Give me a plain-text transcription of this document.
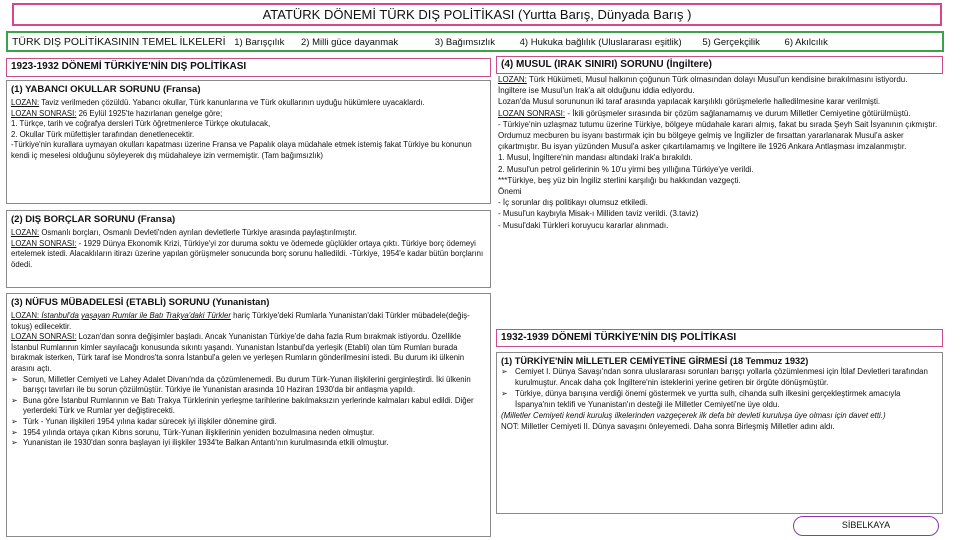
ATATÜRK DÖNEMİ TÜRK DIŞ POLİTİKASI (Yurtta Barış, Dünyada Barış )
TÜRK DIŞ POLİTİKASININ TEMEL İLKELERİ 1) Barışçılık 2) Milli güce dayanmak	3) Bağımsızlık	4) Hukuka bağlılık (Uluslararası eşitlik) 5) Gerçekçilik	6) Akılcılık
1923-1932 DÖNEMİ TÜRKİYE'NİN DIŞ POLİTİKASI
(1) YABANCI OKULLAR SORUNU (Fransa)
LOZAN: Taviz verilmeden çözüldü. Yabancı okullar, Türk kanunlarına ve Türk okullarının uyduğu hükümlere uyacaklardı.
LOZAN SONRASI: 26 Eylül 1925'te hazırlanan genelge göre;
1. Türkçe, tarih ve coğrafya dersleri Türk öğretmenlerce Türkçe okutulacak,
2. Okullar Türk müfettişler tarafından denetlenecektir.
-Türkiye'nin kurallara uymayan okulları kapatması üzerine Fransa ve Papalık olaya müdahale etmek istemiş fakat Türkiye bu konunun kendi iç meselesi olduğunu söyleyerek dış müdahaleye izin vermemiştir. (Tam bağımsızlık)
(2) DIŞ BORÇLAR SORUNU (Fransa)
LOZAN: Osmanlı borçları, Osmanlı Devleti'nden ayrılan devletlerle Türkiye arasında paylaştırılmıştır.
LOZAN SONRASI: - 1929 Dünya Ekonomik Krizi, Türkiye'yi zor duruma soktu ve ödemede güçlükler ortaya çıktı. Türkiye borç ödemeyi ertelemek istedi. Alacaklıların itirazı üzerine yapılan görüşmeler sonucunda borç sorunu halledildi. -Türkiye, 1954'e kadar bütün borçlarını ödedi.
(3) NÜFUS MÜBADELESİ (ETABLİ) SORUNU (Yunanistan)
LOZAN: İstanbul'da yaşayan Rumlar ile Batı Trakya'daki Türkler hariç Türkiye'deki Rumlarla Yunanistan'daki Türkler mübadele(değiş-tokuş) edilecektir.
LOZAN SONRASI: Lozan'dan sonra değişimler başladı. Ancak Yunanistan Türkiye'de daha fazla Rum bırakmak istiyordu. Özellikle İstanbul Rumlarının kimler sayılacağı konusunda sıkıntı yaşandı. Yunanistan İstanbul'da yerleşik (Etabli) olan tüm Rumları burada bırakmak isterken, Türk taraf ise Mondros'ta sonra İstanbul'a gelen ve yerleşen Rumların gönderilmesini istedi. Bu durum iki ülkenin arasını açtı.
➢ Sorun, Milletler Cemiyeti ve Lahey Adalet Divanı'nda da çözümlenemedi. Bu durum Türk-Yunan ilişkilerini gerginleştirdi. İki ülkenin barışçı tavırları ile bu sorun çözülmüştür. Türkiye ile Yunanistan arasında 10 Haziran 1930'da bir antlaşma yapıldı.
➢ Buna göre İstanbul Rumlarının ve Batı Trakya Türklerinin yerleşme tarihlerine bakılmaksızın yerlerinde kalmaları kabul edildi. Diğer yerlerdeki Türk ve Rumlar yer değiştirecekti.
➢ Türk - Yunan ilişkileri 1954 yılına kadar sürecek iyi ilişkiler dönemine girdi.
➢ 1954 yılında ortaya çıkan Kıbrıs sorunu, Türk-Yunan ilişkilerinin yeniden bozulmasına neden olmuştur.
➢ Yunanistan ile 1930'dan sonra başlayan iyi ilişkiler 1934'te Balkan Antantı'nın kurulmasında etkili olmuştur.
(4) MUSUL (IRAK SINIRI) SORUNU (İngiltere)
LOZAN: Türk Hükümeti, Musul halkının çoğunun Türk olmasından dolayı Musul'un kendisine bırakılmasını istiyordu.
İngiltere ise Musul'un Irak'a ait olduğunu iddia ediyordu.
Lozan'da Musul sorununun iki taraf arasında yapılacak karşılıklı görüşmelerle halledilmesine karar verilmişti.
LOZAN SONRASI: - İkili görüşmeler sırasında bir çözüm sağlanamamış ve durum Milletler Cemiyetine götürülmüştü.
- Türkiye'nin uzlaşmaz tutumu üzerine Türkiye, bölgeye müdahale kararı almış, fakat bu sırada Şeyh Sait İsyanının çıkmıştır. Ordumuz mecburen bu isyanı bastırmak için bu bölgeye gelmiş ve İngilizler de fırsattan yararlanarak Musul'a asker çıkartmıştır. Bu isyan yüzünden Musul'a asker çıkartılamamış ve İngiltere ile 1926 Ankara Antlaşması imzalanmıştır.
1. Musul, İngiltere'nin mandası altındaki Irak'a bırakıldı.
2. Musul'un petrol gelirlerinin % 10'u yirmi beş yıllığına Türkiye'ye verildi.
***Türkiye, beş yüz bin İngiliz sterlini karşılığı bu hakkından vazgeçti.
Önemi
- İç sorunlar dış politikayı olumsuz etkiledi.
- Musul'un kaybıyla Misak-ı Milliden taviz verildi. (3.taviz)
- Musul'daki Türkleri koruyucu kararlar alınmadı.
1932-1939 DÖNEMİ TÜRKİYE'NİN DIŞ POLİTİKASI
(1) TÜRKİYE'NİN MİLLETLER CEMİYETİNE GİRMESİ (18 Temmuz 1932)
➢ Cemiyet I. Dünya Savaşı'ndan sonra uluslararası sorunları barışçı yollarla çözümlenmesi için İtilaf Devletleri tarafından kurulmuştur. Ancak daha çok İngiltere'nin isteklerini yerine getiren bir örgüte dönüşmüştür.
➢ Türkiye, dünya barışına verdiği önemi göstermek ve yurtta sulh, cihanda sulh ilkesini gerçekleştirmek amacıyla İspanya'nın teklifi ve Yunanistan'ın desteği ile Milletler Cemiyeti'ne üye oldu.
(Milletler Cemiyeti kendi kuruluş ilkelerinden vazgeçerek ilk defa bir devleti kuruluşa üye olması için davet etti.)
NOT: Milletler Cemiyeti II. Dünya savaşını önleyemedi. Daha sonra Birleşmiş Milletler adını aldı.
SİBELKAYA
